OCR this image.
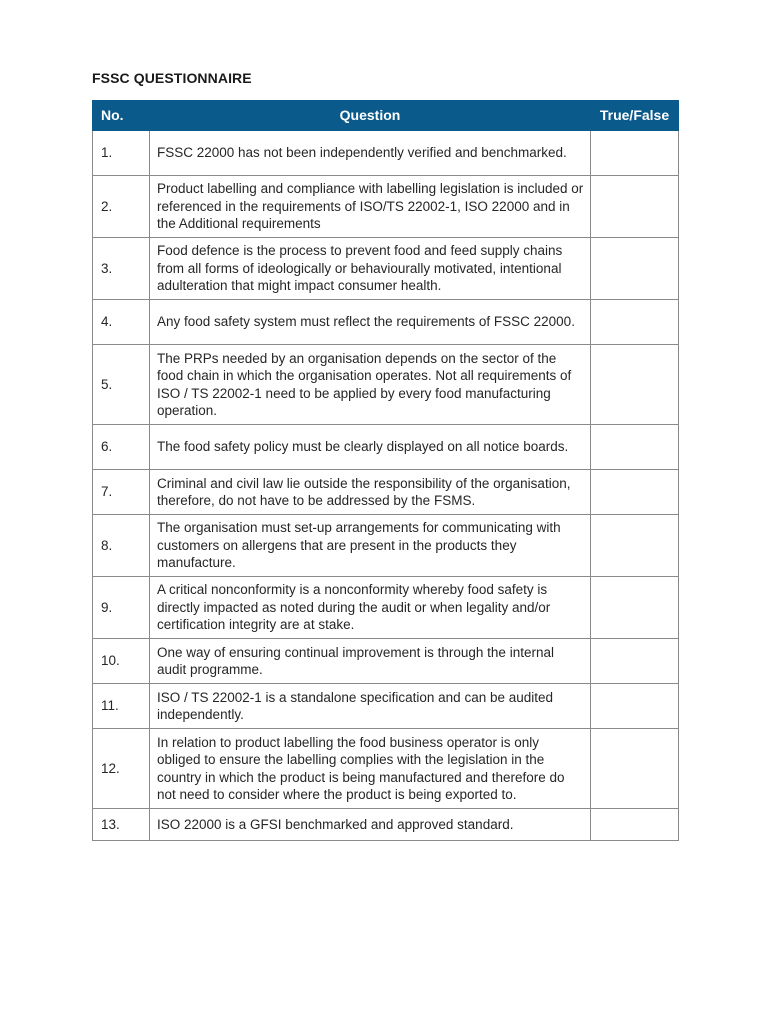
FSSC QUESTIONNAIRE
No.	Question	True/False
1.	FSSC 22000 has not been independently verified and benchmarked.	
2.	Product labelling and compliance with labelling legislation is included or referenced in the requirements of ISO/TS 22002-1, ISO 22000 and in the Additional requirements	
3.	Food defence is the process to prevent food and feed supply chains from all forms of ideologically or behaviourally motivated, intentional adulteration that might impact consumer health.	
4.	Any food safety system must reflect the requirements of FSSC 22000.	
5.	The PRPs needed by an organisation depends on the sector of the food chain in which the organisation operates. Not all requirements of ISO / TS 22002-1 need to be applied by every food manufacturing operation.	
6.	The food safety policy must be clearly displayed on all notice boards.	
7.	Criminal and civil law lie outside the responsibility of the organisation, therefore, do not have to be addressed by the FSMS.	
8.	The organisation must set-up arrangements for communicating with customers on allergens that are present in the products they manufacture.	
9.	A critical nonconformity is a nonconformity whereby food safety is directly impacted as noted during the audit or when legality and/or certification integrity are at stake.	
10.	One way of ensuring continual improvement is through the internal audit programme.	
11.	ISO / TS 22002-1 is a standalone specification and can be audited independently.	
12.	In relation to product labelling the food business operator is only obliged to ensure the labelling complies with the legislation in the country in which the product is being manufactured and therefore do not need to consider where the product is being exported to.	
13.	ISO 22000 is a GFSI benchmarked and approved standard.	
